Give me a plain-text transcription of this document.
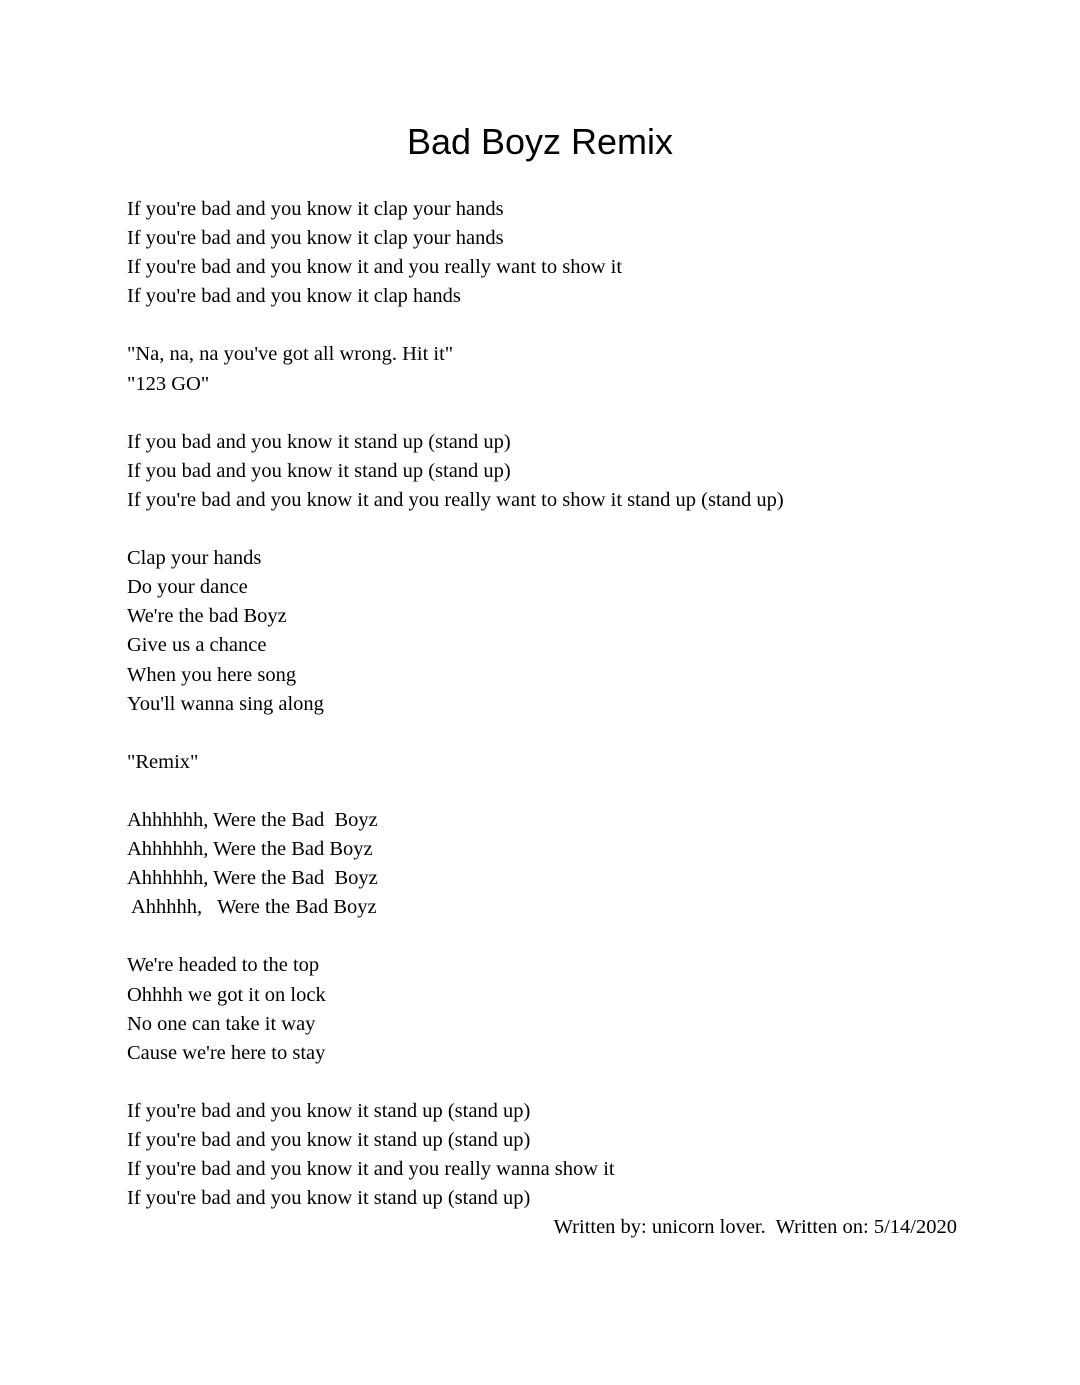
Bad Boyz Remix
If you're bad and you know it clap your hands
If you're bad and you know it clap your hands
If you're bad and you know it and you really want to show it
If you're bad and you know it clap hands
"Na, na, na you've got all wrong. Hit it"
"123 GO"
If you bad and you know it stand up (stand up)
If you bad and you know it stand up (stand up)
If you're bad and you know it and you really want to show it stand up (stand up)
Clap your hands
Do your dance
We're the bad Boyz
Give us a chance
When you here song
You'll wanna sing along
"Remix"
Ahhhhhh, Were the Bad  Boyz
Ahhhhhh, Were the Bad Boyz
Ahhhhhh, Were the Bad  Boyz
Ahhhhh,   Were the Bad Boyz
We're headed to the top
Ohhhh we got it on lock
No one can take it way
Cause we're here to stay
If you're bad and you know it stand up (stand up)
If you're bad and you know it stand up (stand up)
If you're bad and you know it and you really wanna show it
If you're bad and you know it stand up (stand up)
Written by: unicorn lover.  Written on: 5/14/2020
